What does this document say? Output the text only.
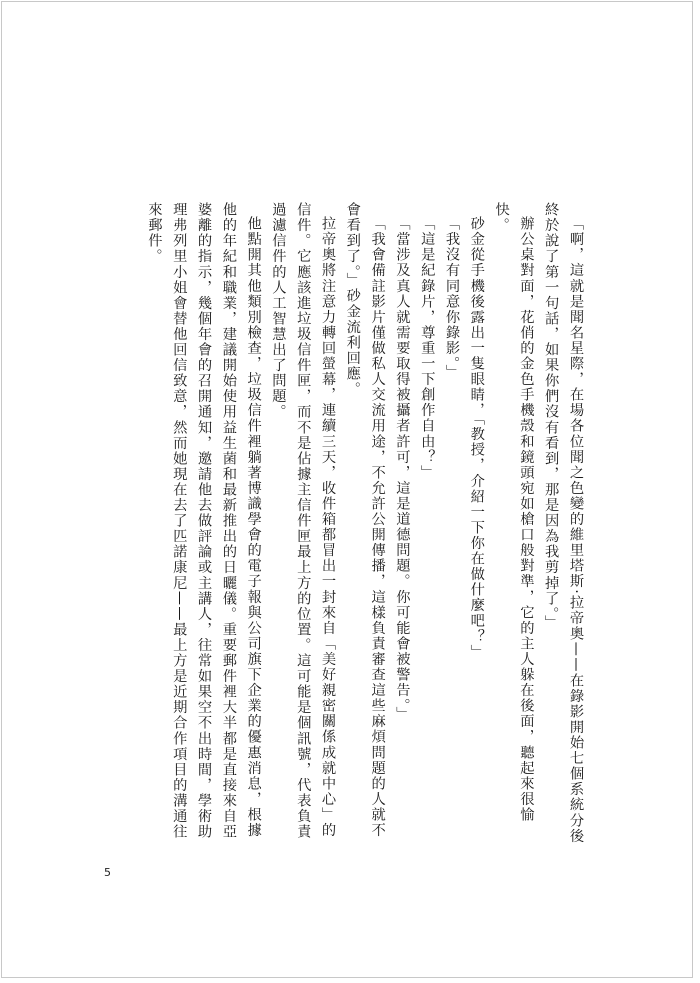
「啊，這就是聞名星際，在場各位聞之色變的維里塔斯·拉帝奧——在錄影開始七個系統分後終於說了第一句話，如果你們沒有看到，那是因為我剪掉了。」

辦公桌對面，花俏的金色手機殼和鏡頭宛如槍口般對準，它的主人躲在後面，聽起來很愉快。

砂金從手機後露出一隻眼睛，「教授，介紹一下你在做什麼吧？」

「我沒有同意你錄影。」

「這是紀錄片，尊重一下創作自由？」

「當涉及真人就需要取得被攝者許可，這是道德問題。你可能會被警告。」

「我會備註影片僅做私人交流用途，不允許公開傳播，這樣負責審查這些麻煩問題的人就不會看到了。」砂金流利回應。

拉帝奧將注意力轉回螢幕，連續三天，收件箱都冒出一封來自「美好親密關係成就中心」的信件。它應該進垃圾信件匣，而不是佔據主信件匣最上方的位置。這可能是個訊號，代表負責過濾信件的人工智慧出了問題。

他點開其他類別檢查，垃圾信件裡躺著博識學會的電子報與公司旗下企業的優惠消息，根據他的年紀和職業，建議開始使用益生菌和最新推出的日曬儀。重要郵件裡大半都是直接來自亞婆離的指示，幾個年會的召開通知，邀請他去做評論或主講人，往常如果空不出時間，學術助理弗列里小姐會替他回信致意，然而她現在去了匹諾康尼——最上方是近期合作項目的溝通往來郵件。

5
